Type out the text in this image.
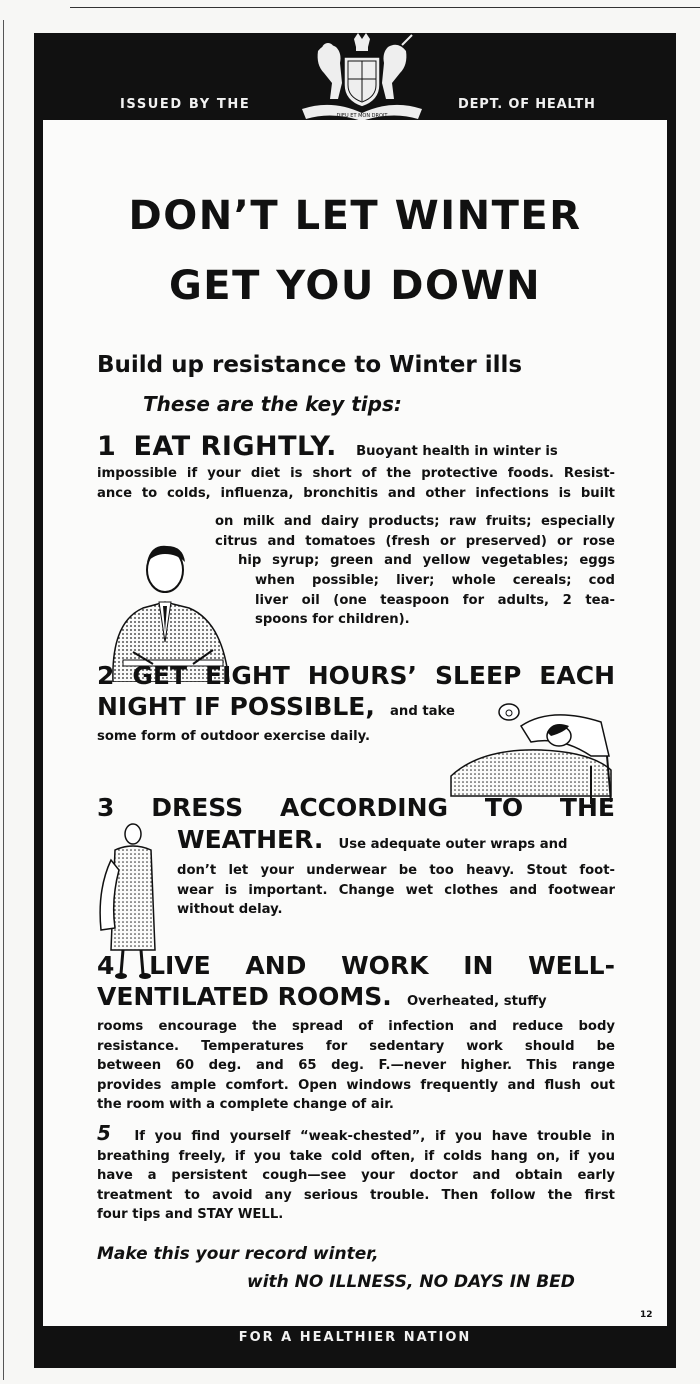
ISSUED BY THE
DIEU ET MON DROIT
DEPT. OF HEALTH
DON’T LET WINTER
GET YOU DOWN
Build up resistance to Winter ills
These are the key tips:

1 EAT RIGHTLY. Buoyant health in winter is

impossible if your diet is short of the protective foods. Resist-

ance to colds, influenza, bronchitis and other infections is built

on milk and dairy products; raw fruits; especially

citrus and tomatoes (fresh or preserved) or rose

hip syrup; green and yellow vegetables; eggs

when possible; liver; whole cereals; cod

liver oil (one teaspoon for adults, 2 tea-

spoons for children).

2 GET EIGHT HOURS’ SLEEP EACH

NIGHT IF POSSIBLE, and take

some form of outdoor exercise daily.

3 DRESS ACCORDING TO THE

WEATHER. Use adequate outer wraps and

don’t let your underwear be too heavy. Stout foot-

wear is important. Change wet clothes and footwear

without delay.

4 LIVE AND WORK IN WELL-

VENTILATED ROOMS. Overheated, stuffy

rooms encourage the spread of infection and reduce body

resistance. Temperatures for sedentary work should be

between 60 deg. and 65 deg. F.—never higher. This range

provides ample comfort. Open windows frequently and flush out

the room with a complete change of air.

5 If you find yourself “weak-chested”, if you have trouble in

breathing freely, if you take cold often, if colds hang on, if you

have a persistent cough—see your doctor and obtain early

treatment to avoid any serious trouble. Then follow the first

four tips and STAY WELL.

Make this your record winter,
with NO ILLNESS, NO DAYS IN BED
FOR A HEALTHIER NATION
12
